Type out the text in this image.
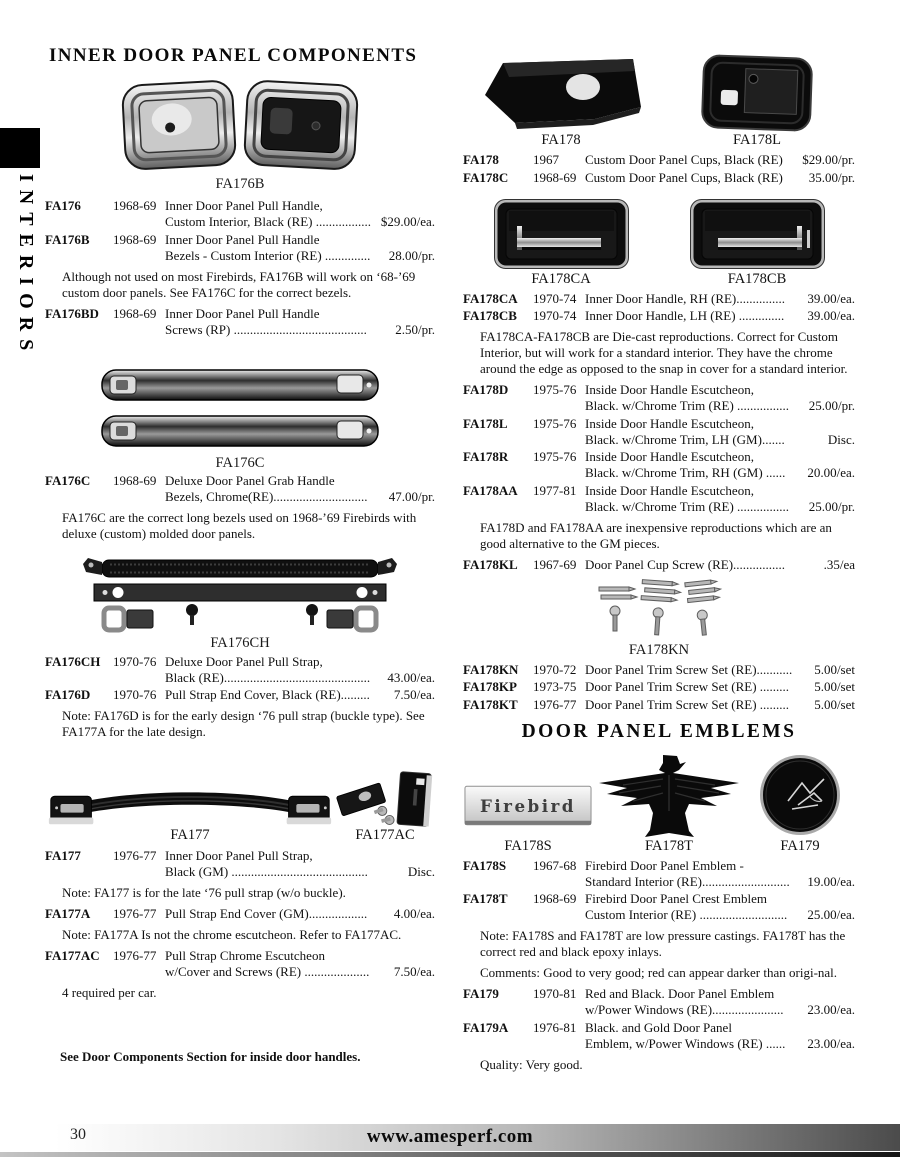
INTERIORS
INNER DOOR PANEL COMPONENTS
FA176B
FA176	1968-69 Inner Door Panel Pull Handle,
Custom Interior, Black (RE) ................. $29.00/ea.
FA176B	1968-69 Inner Door Panel Pull Handle
Bezels - Custom Interior (RE) ..............	28.00/pr.
Although not used on most Firebirds, FA176B will work on ‘68-’69 custom door panels. See FA176C for the correct bezels.
FA176BD	1968-69 Inner Door Panel Pull Handle
Screws (RP) .........................................	2.50/pr.
FA176C
FA176C	1968-69 Deluxe Door Panel Grab Handle
Bezels, Chrome(RE).............................	47.00/pr.
FA176C are the correct long bezels used on 1968-’69 Firebirds with deluxe (custom) molded door panels.
FA176CH
FA176CH 1970-76 Deluxe Door Panel Pull Strap,
Black (RE).............................................	43.00/ea.
FA176D	1970-76 Pull Strap End Cover, Black (RE).........	7.50/ea.
Note: FA176D is for the early design ‘76 pull strap (buckle type). See FA177A for the late design.
FA177	FA177AC
FA177	1976-77 Inner Door Panel Pull Strap,
Black (GM) ..........................................	Disc.
Note: FA177 is for the late ‘76 pull strap (w/o buckle).
FA177A	1976-77 Pull Strap End Cover (GM)..................	4.00/ea.
Note: FA177A Is not the chrome escutcheon. Refer to FA177AC.
FA177AC	1976-77 Pull Strap Chrome Escutcheon
w/Cover and Screws (RE) ....................	7.50/ea.
4 required per car.
See Door Components Section for inside door handles.
FA178	FA178L
FA178	1967	Custom Door Panel Cups, Black (RE)	$29.00/pr.
FA178C	1968-69 Custom Door Panel Cups, Black (RE)	35.00/pr.
FA178CA	FA178CB
FA178CA	1970-74 Inner Door Handle, RH (RE)...............	39.00/ea.
FA178CB	1970-74 Inner Door Handle, LH (RE) ..............	39.00/ea.
FA178CA-FA178CB are Die-cast reproductions. Correct for Custom Interior, but will work for a standard interior. They have the chrome around the edge as opposed to the snap in cover for a standard interior.
FA178D	1975-76 Inside Door Handle Escutcheon,
Black. w/Chrome Trim (RE) ................	25.00/pr.
FA178L	1975-76 Inside Door Handle Escutcheon,
Black. w/Chrome Trim, LH (GM).......	Disc.
FA178R	1975-76 Inside Door Handle Escutcheon,
Black. w/Chrome Trim, RH (GM) ......	20.00/ea.
FA178AA	1977-81 Inside Door Handle Escutcheon,
Black. w/Chrome Trim (RE) ................	25.00/pr.
FA178D and FA178AA are inexpensive reproductions which are an good alternative to the GM pieces.
FA178KL	1967-69 Door Panel Cup Screw (RE)................	.35/ea
FA178KN
FA178KN	1970-72 Door Panel Trim Screw Set (RE)...........	5.00/set
FA178KP	1973-75 Door Panel Trim Screw Set (RE) .........	5.00/set
FA178KT	1976-77 Door Panel Trim Screw Set (RE) .........	5.00/set
DOOR PANEL EMBLEMS
Firebird
FA178S	FA178T	FA179
FA178S	1967-68 Firebird Door Panel Emblem -
Standard Interior (RE)...........................	19.00/ea.
FA178T	1968-69 Firebird Door Panel Crest Emblem
Custom Interior (RE) ...........................	25.00/ea.
Note: FA178S and FA178T are low pressure castings. FA178T has the correct red and black epoxy inlays.
Comments: Good to very good; red can appear darker than origi-nal.
FA179	1970-81 Red and Black. Door Panel Emblem
w/Power Windows (RE)......................	23.00/ea.
FA179A	1976-81 Black. and Gold Door Panel
Emblem, w/Power Windows (RE) ......	23.00/ea.
Quality: Very good.
30	www.amesperf.com
